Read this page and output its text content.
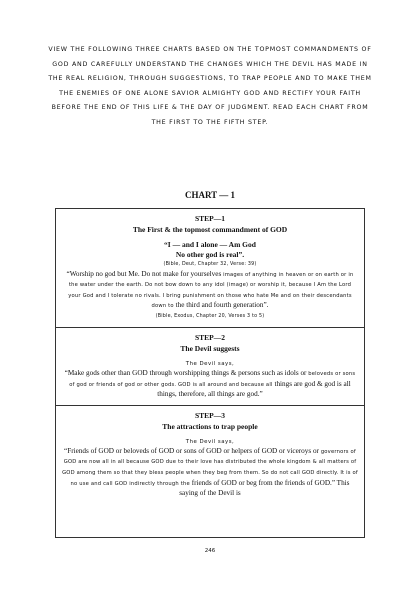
VIEW THE FOLLOWING THREE CHARTS BASED ON THE TOPMOST COMMANDMENTS OF GOD AND CAREFULLY UNDERSTAND THE CHANGES WHICH THE DEVIL HAS MADE IN THE REAL RELIGION, THROUGH SUGGESTIONS, TO TRAP PEOPLE AND TO MAKE THEM THE ENEMIES OF ONE ALONE SAVIOR ALMIGHTY GOD AND RECTIFY YOUR FAITH BEFORE THE END OF THIS LIFE & THE DAY OF JUDGMENT. READ EACH CHART FROM THE FIRST TO THE FIFTH STEP.
CHART — 1
STEP—1
The First & the topmost commandment of GOD
“I — and I alone — Am God
No other god is real”.
(Bible, Deut, Chapter 32, Verse: 39)

“Worship no god but Me. Do not make for yourselves images of anything in heaven or on earth or in the water under the earth. Do not bow down to any idol (image) or worship it, because I Am the Lord your God and I tolerate no rivals. I bring punishment on those who hate Me and on their descendants down to the third and fourth generation”.

(Bible, Exodus, Chapter 20, Verses 3 to 5)
STEP—2
The Devil suggests
The Devil says,

“Make gods other than GOD through worshipping things & persons such as idols or beloveds or sons of god or friends of god or other gods. GOD is all around and because all things are god & god is all things, therefore, all things are god.”

STEP—3
The attractions to trap people
The Devil says,

“Friends of GOD or beloveds of GOD or sons of GOD or helpers of GOD or viceroys or governors of GOD are now all in all because GOD due to their love has distributed the whole kingdom & all matters of GOD among them so that they bless people when they beg from them. So do not call GOD directly. It is of no use and call GOD indirectly through the friends of GOD or beg from the friends of GOD.” This saying of the Devil is

246
